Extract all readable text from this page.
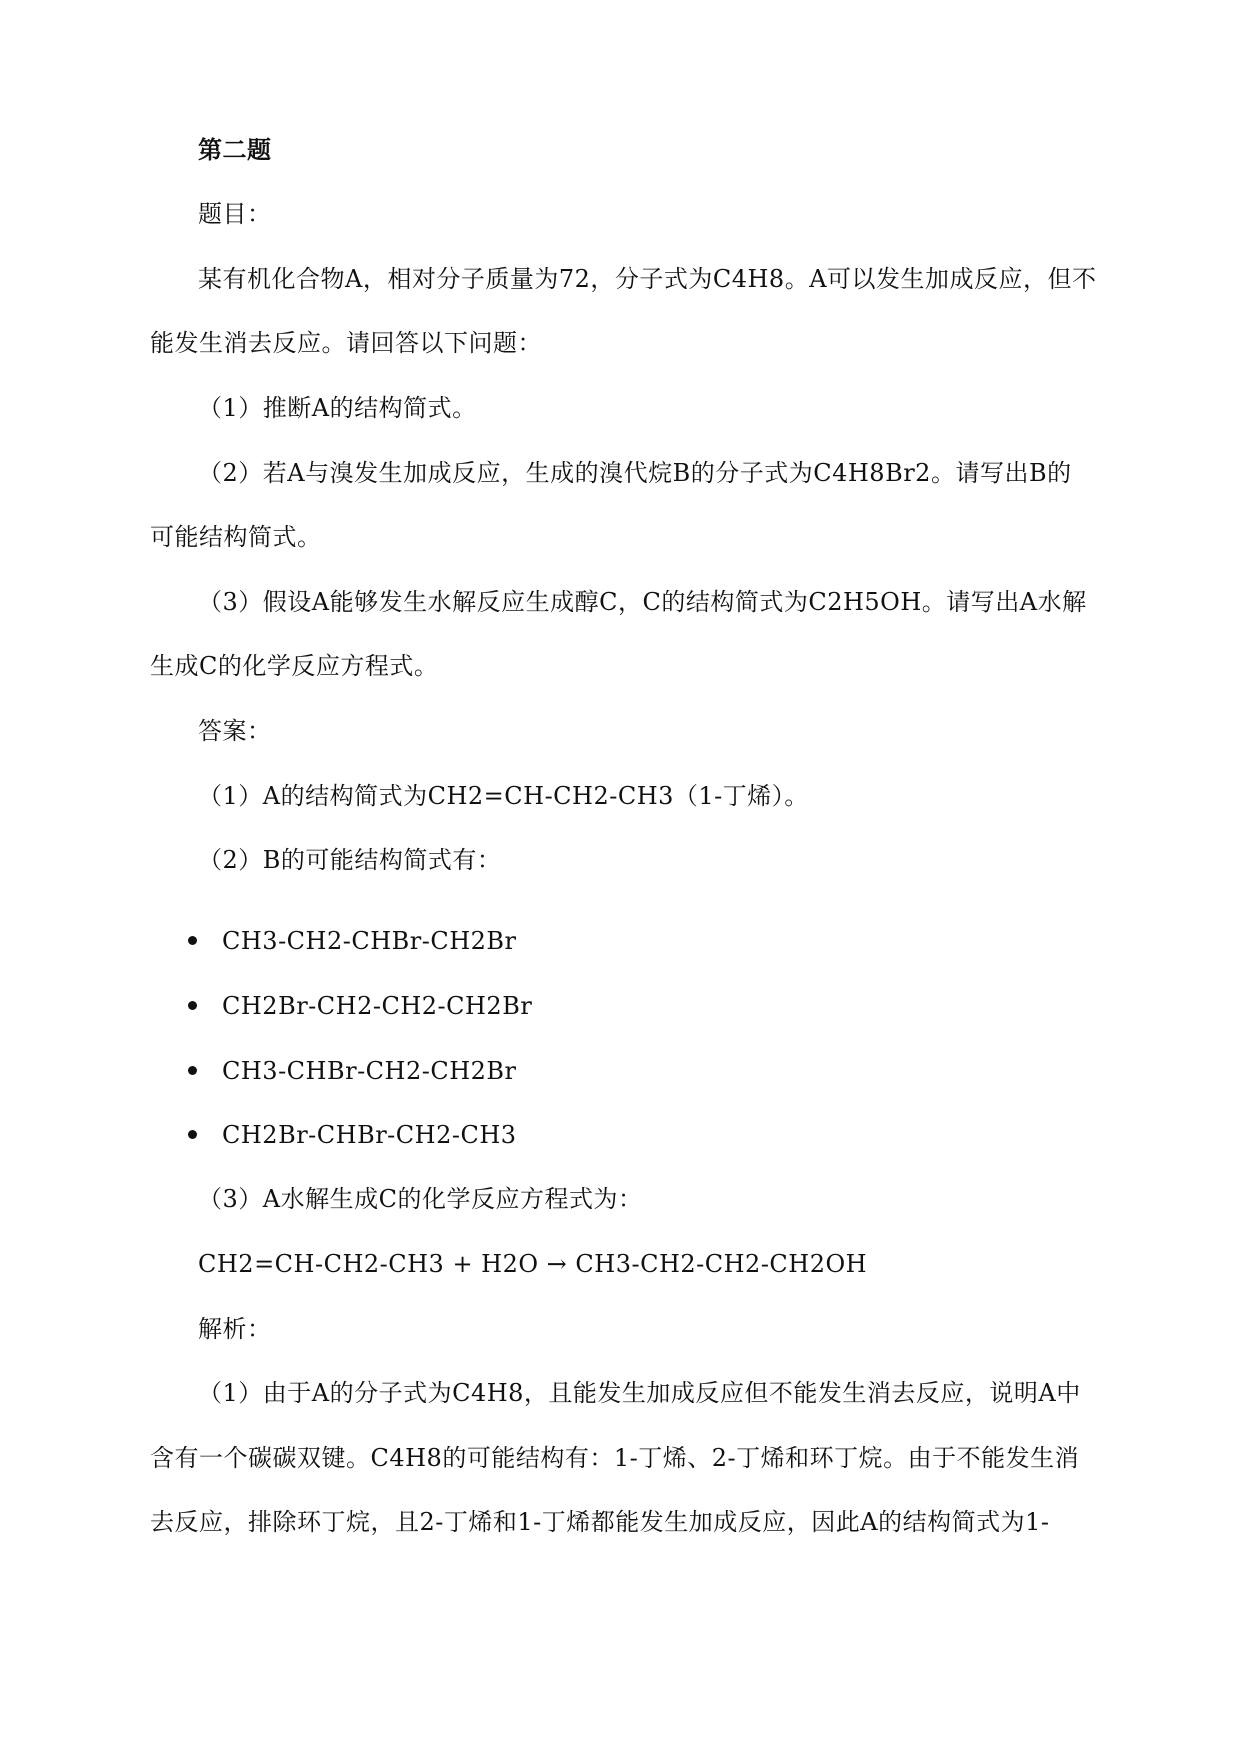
第二题
题目：
某有机化合物A，相对分子质量为72，分子式为C4H8。A可以发生加成反应，但不
能发生消去反应。请回答以下问题：
（1）推断A的结构简式。
（2）若A与溴发生加成反应，生成的溴代烷B的分子式为C4H8Br2。请写出B的
可能结构简式。
（3）假设A能够发生水解反应生成醇C，C的结构简式为C2H5OH。请写出A水解
生成C的化学反应方程式。
答案：
（1）A的结构简式为CH2=CH-CH2-CH3（1-丁烯）。
（2）B的可能结构简式有：
CH3-CH2-CHBr-CH2Br
CH2Br-CH2-CH2-CH2Br
CH3-CHBr-CH2-CH2Br
CH2Br-CHBr-CH2-CH3
（3）A水解生成C的化学反应方程式为：
CH2=CH-CH2-CH3 + H2O → CH3-CH2-CH2-CH2OH
解析：
（1）由于A的分子式为C4H8，且能发生加成反应但不能发生消去反应，说明A中
含有一个碳碳双键。C4H8的可能结构有：1-丁烯、2-丁烯和环丁烷。由于不能发生消
去反应，排除环丁烷，且2-丁烯和1-丁烯都能发生加成反应，因此A的结构简式为1-
